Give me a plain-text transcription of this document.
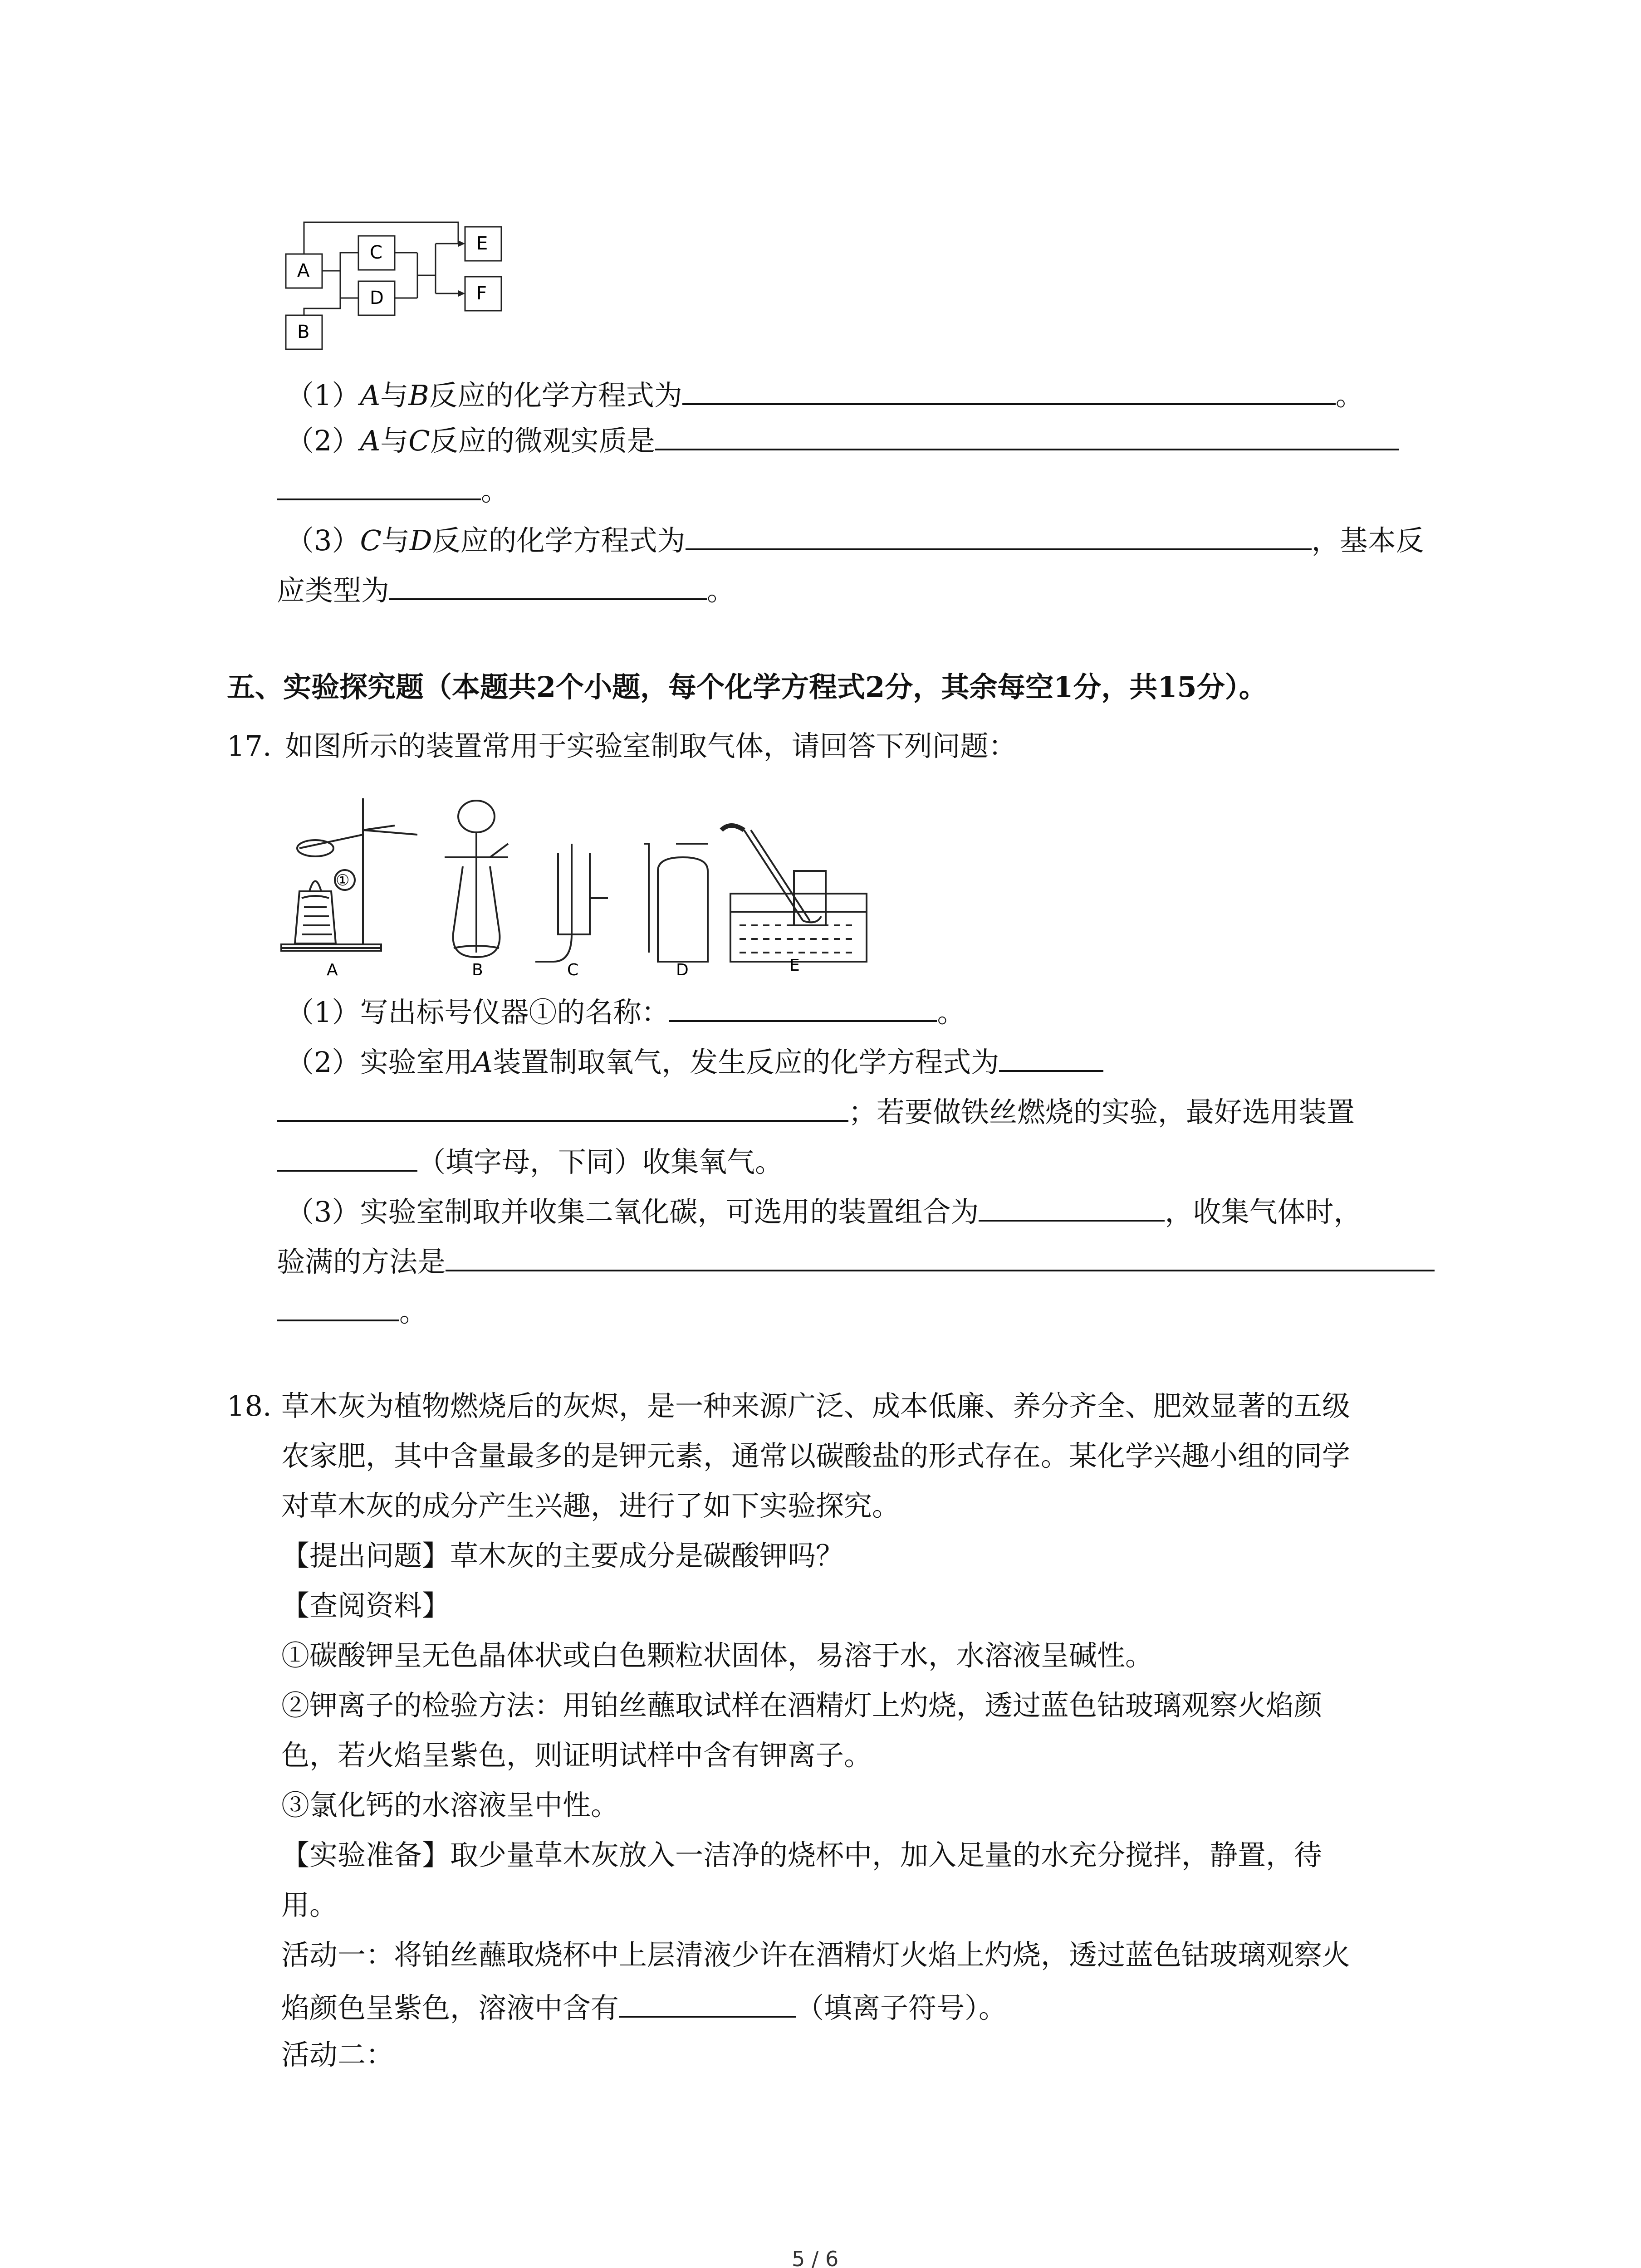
A
B
C
D
E
F
（1）A与B反应的化学方程式为	。
（2）A与C反应的微观实质是
。
（3）C与D反应的化学方程式为	，基本反
应类型为	。
五、实验探究题（本题共2个小题，每个化学方程式2分，其余每空1分，共15分）。
17. 如图所示的装置常用于实验室制取气体，请回答下列问题：
①
A	B	C	D	E
（1）写出标号仪器①的名称：	。
（2）实验室用A装置制取氧气，发生反应的化学方程式为
；若要做铁丝燃烧的实验，最好选用装置
（填字母，下同）收集氧气。
（3）实验室制取并收集二氧化碳，可选用的装置组合为	，收集气体时，
验满的方法是
。
18. 草木灰为植物燃烧后的灰烬，是一种来源广泛、成本低廉、养分齐全、肥效显著的五级
农家肥，其中含量最多的是钾元素，通常以碳酸盐的形式存在。某化学兴趣小组的同学
对草木灰的成分产生兴趣，进行了如下实验探究。
【提出问题】草木灰的主要成分是碳酸钾吗？
【查阅资料】
①碳酸钾呈无色晶体状或白色颗粒状固体，易溶于水，水溶液呈碱性。
②钾离子的检验方法：用铂丝蘸取试样在酒精灯上灼烧，透过蓝色钴玻璃观察火焰颜
色，若火焰呈紫色，则证明试样中含有钾离子。
③氯化钙的水溶液呈中性。
【实验准备】取少量草木灰放入一洁净的烧杯中，加入足量的水充分搅拌，静置，待
用。
活动一：将铂丝蘸取烧杯中上层清液少许在酒精灯火焰上灼烧，透过蓝色钴玻璃观察火
焰颜色呈紫色，溶液中含有	（填离子符号）。
活动二：
5 / 6
